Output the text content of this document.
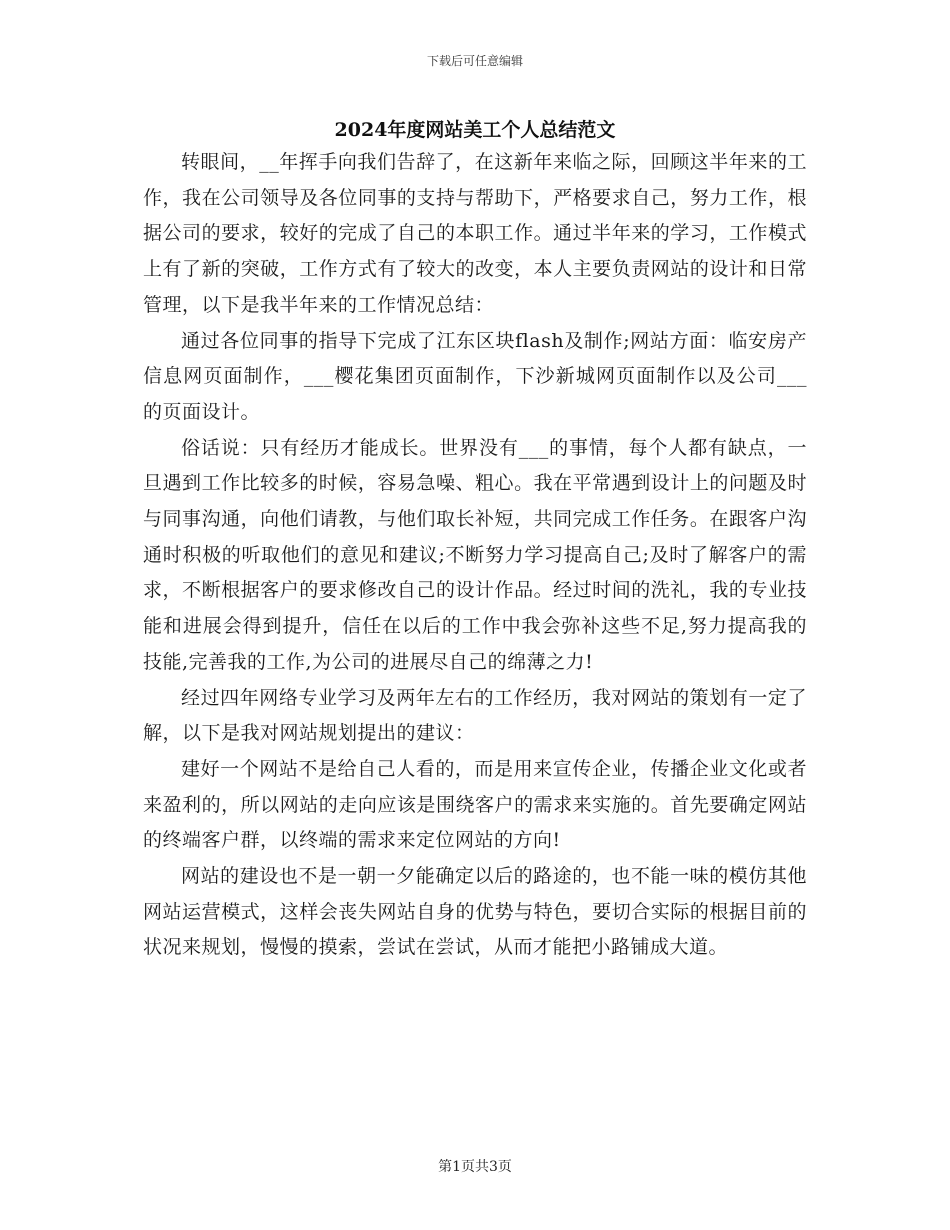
下载后可任意编辑
2024年度网站美工个人总结范文

转眼间，__年挥手向我们告辞了，在这新年来临之际，回顾这半年来的工作，我在公司领导及各位同事的支持与帮助下，严格要求自己，努力工作，根据公司的要求，较好的完成了自己的本职工作。通过半年来的学习，工作模式上有了新的突破，工作方式有了较大的改变，本人主要负责网站的设计和日常管理，以下是我半年来的工作情况总结：

通过各位同事的指导下完成了江东区块flash及制作;网站方面：临安房产信息网页面制作，___樱花集团页面制作，下沙新城网页面制作以及公司___的页面设计。

俗话说：只有经历才能成长。世界没有___的事情，每个人都有缺点，一旦遇到工作比较多的时候，容易急噪、粗心。我在平常遇到设计上的问题及时与同事沟通，向他们请教，与他们取长补短，共同完成工作任务。在跟客户沟通时积极的听取他们的意见和建议;不断努力学习提高自己;及时了解客户的需求，不断根据客户的要求修改自己的设计作品。经过时间的洗礼，我的专业技能和进展会得到提升，信任在以后的工作中我会弥补这些不足,努力提高我的技能,完善我的工作,为公司的进展尽自己的绵薄之力!

经过四年网络专业学习及两年左右的工作经历，我对网站的策划有一定了解，以下是我对网站规划提出的建议：

建好一个网站不是给自己人看的，而是用来宣传企业，传播企业文化或者来盈利的，所以网站的走向应该是围绕客户的需求来实施的。首先要确定网站的终端客户群，以终端的需求来定位网站的方向!

网站的建设也不是一朝一夕能确定以后的路途的，也不能一味的模仿其他网站运营模式，这样会丧失网站自身的优势与特色，要切合实际的根据目前的状况来规划，慢慢的摸索，尝试在尝试，从而才能把小路铺成大道。

第1页共3页
